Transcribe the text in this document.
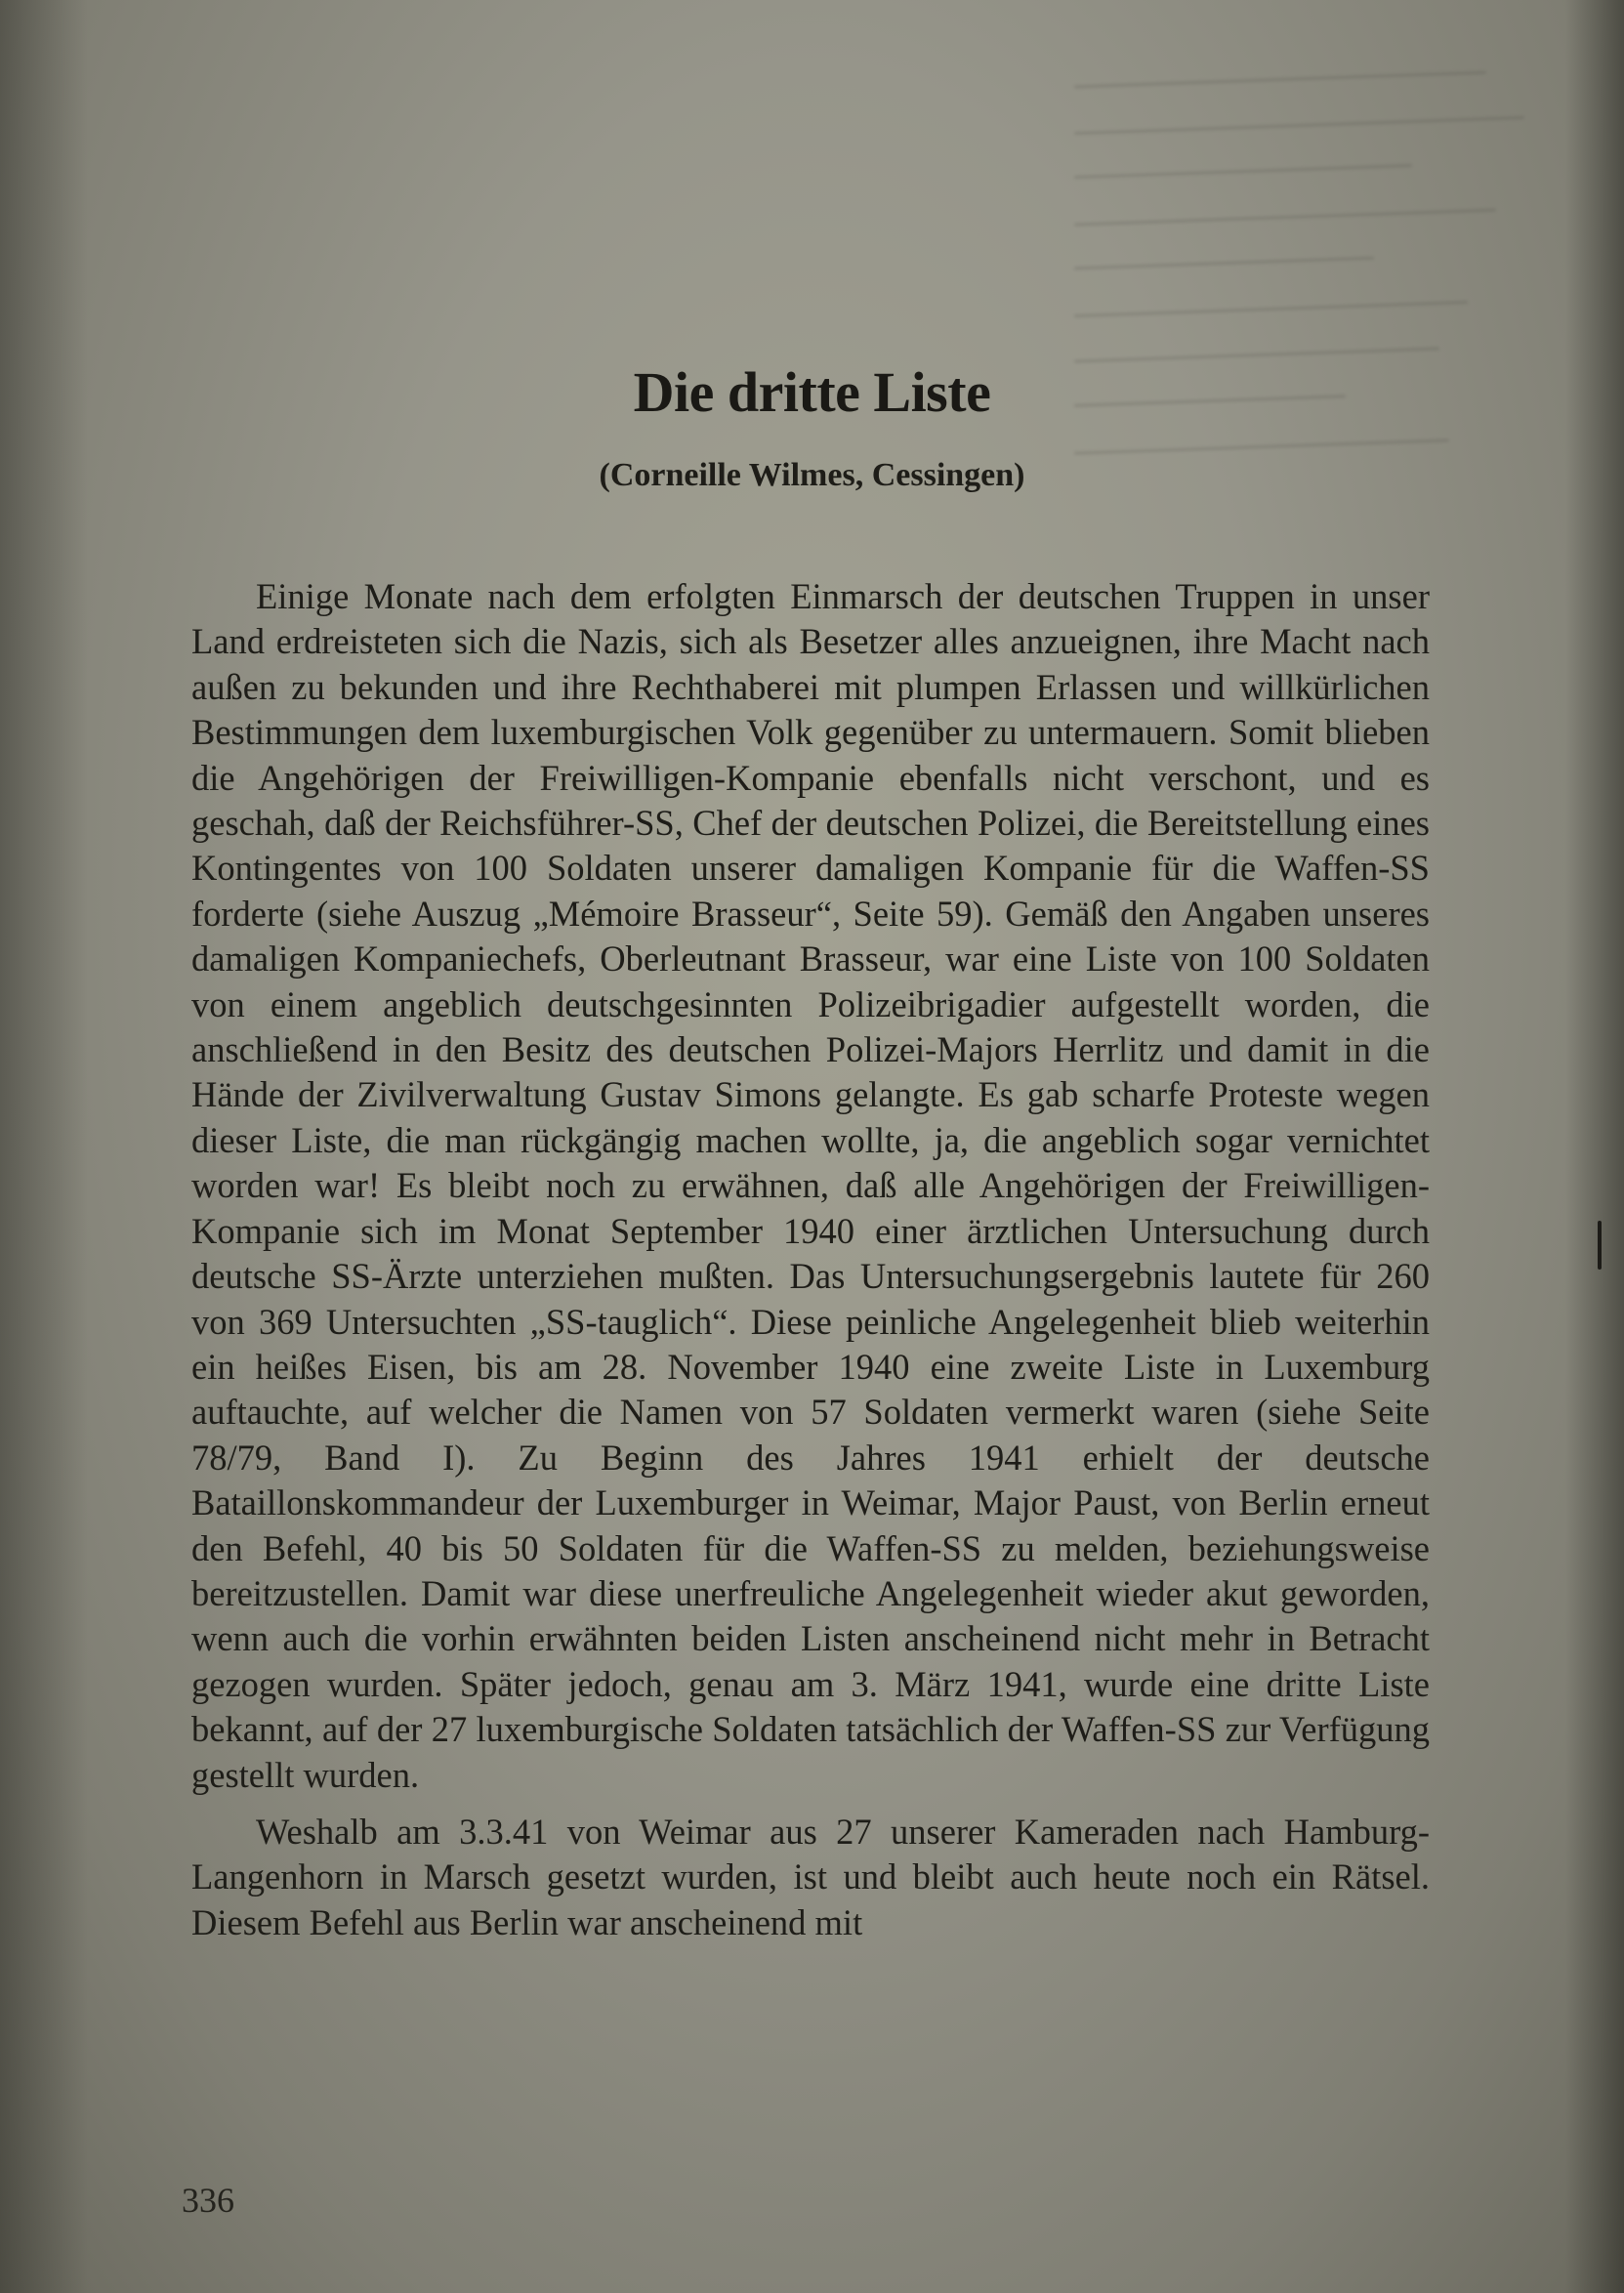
Die dritte Liste
(Corneille Wilmes, Cessingen)

Einige Monate nach dem erfolgten Einmarsch der deutschen Truppen in unser Land erdreisteten sich die Nazis, sich als Besetzer alles anzueignen, ihre Macht nach außen zu bekunden und ihre Rechthaberei mit plumpen Erlassen und willkürlichen Bestimmungen dem luxemburgischen Volk gegenüber zu untermauern. Somit blieben die Angehörigen der Freiwilligen-Kompanie ebenfalls nicht verschont, und es geschah, daß der Reichsführer-SS, Chef der deutschen Polizei, die Bereitstellung eines Kontingentes von 100 Soldaten unserer damaligen Kompanie für die Waffen-SS forderte (siehe Auszug „Mémoire Brasseur“, Seite 59). Gemäß den Angaben unseres damaligen Kompaniechefs, Oberleutnant Brasseur, war eine Liste von 100 Soldaten von einem angeblich deutschgesinnten Polizeibrigadier aufgestellt worden, die anschließend in den Besitz des deutschen Polizei-Majors Herrlitz und damit in die Hände der Zivilverwaltung Gustav Simons gelangte. Es gab scharfe Proteste wegen dieser Liste, die man rückgängig machen wollte, ja, die angeblich sogar vernichtet worden war! Es bleibt noch zu erwähnen, daß alle Angehörigen der Freiwilligen-Kompanie sich im Monat September 1940 einer ärztlichen Untersuchung durch deutsche SS-Ärzte unterziehen mußten. Das Untersuchungsergebnis lautete für 260 von 369 Untersuchten „SS-tauglich“. Diese peinliche Angelegenheit blieb weiterhin ein heißes Eisen, bis am 28. November 1940 eine zweite Liste in Luxemburg auftauchte, auf welcher die Namen von 57 Soldaten vermerkt waren (siehe Seite 78/79, Band I). Zu Beginn des Jahres 1941 erhielt der deutsche Bataillonskommandeur der Luxemburger in Weimar, Major Paust, von Berlin erneut den Befehl, 40 bis 50 Soldaten für die Waffen-SS zu melden, beziehungsweise bereitzustellen. Damit war diese unerfreuliche Angelegenheit wieder akut geworden, wenn auch die vorhin erwähnten beiden Listen anscheinend nicht mehr in Betracht gezogen wurden. Später jedoch, genau am 3. März 1941, wurde eine dritte Liste bekannt, auf der 27 luxemburgische Soldaten tatsächlich der Waffen-SS zur Verfügung gestellt wurden.

Weshalb am 3.3.41 von Weimar aus 27 unserer Kameraden nach Hamburg-Langenhorn in Marsch gesetzt wurden, ist und bleibt auch heute noch ein Rätsel. Diesem Befehl aus Berlin war anscheinend mit

336
